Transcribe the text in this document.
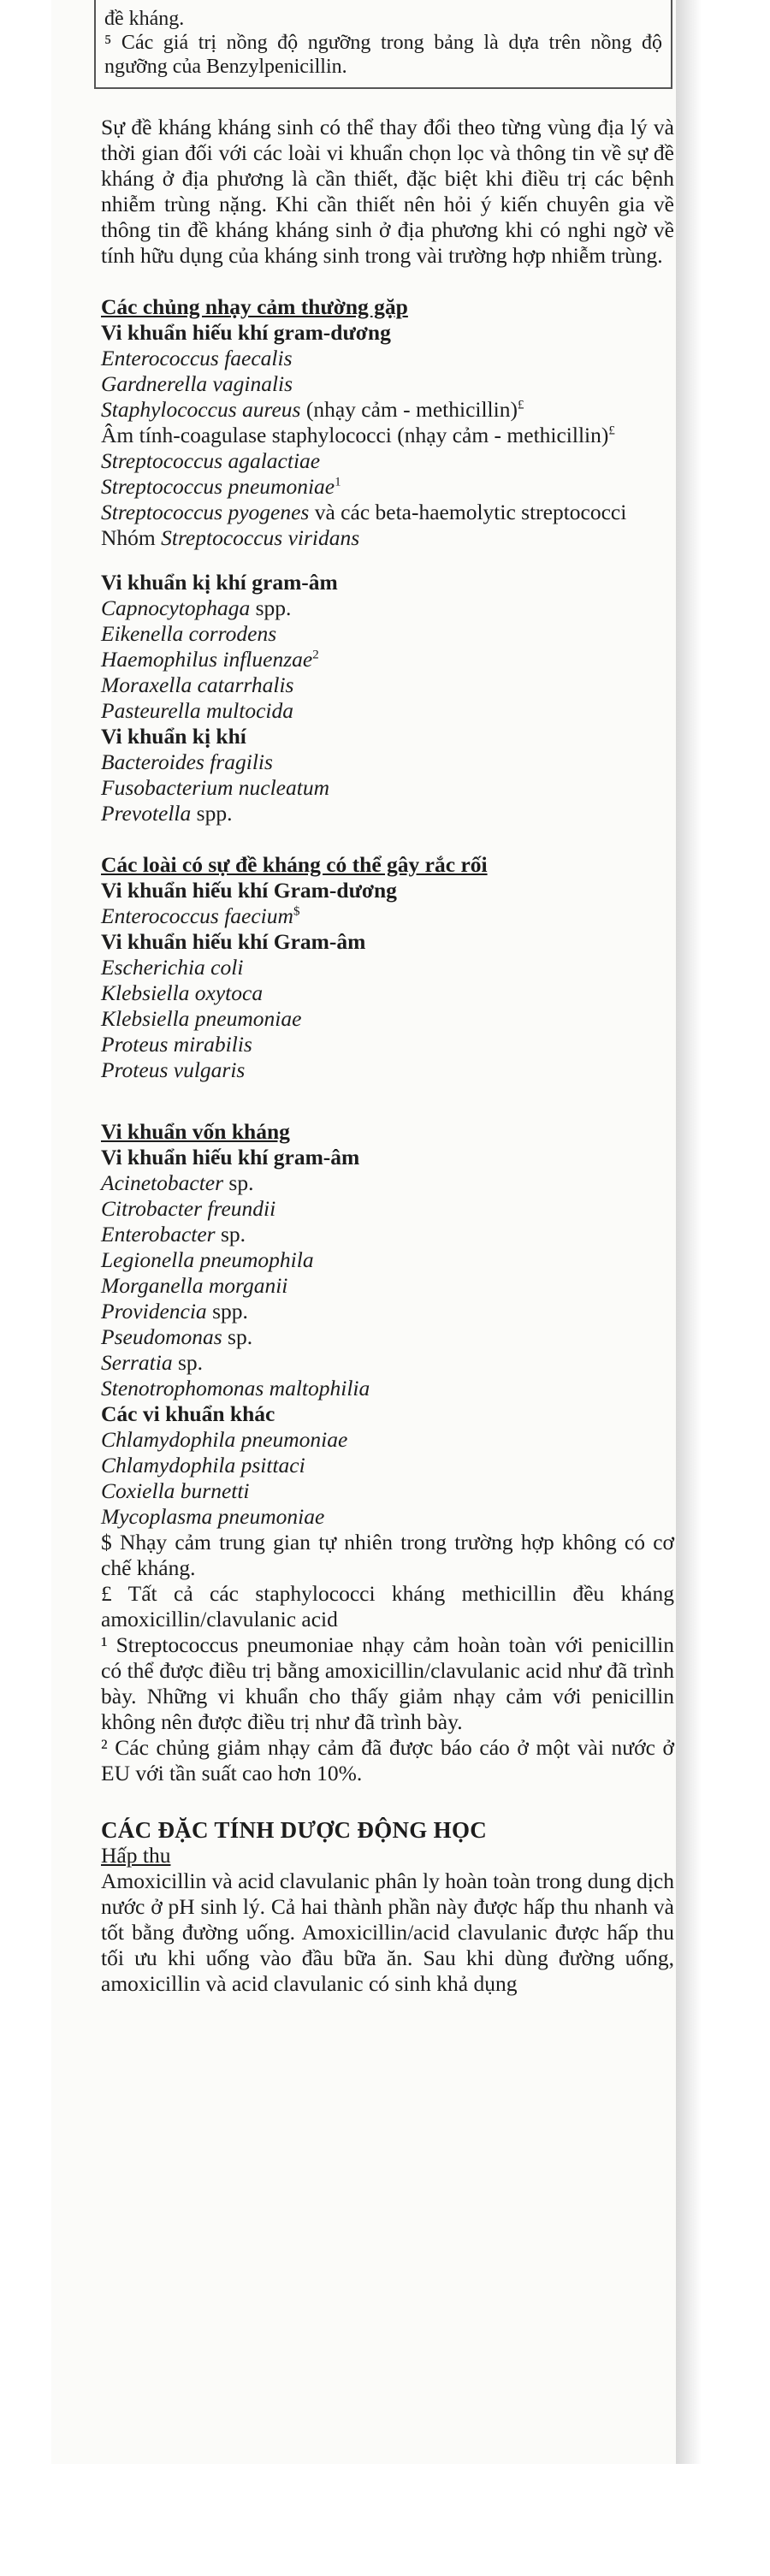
đề kháng.

⁵ Các giá trị nồng độ ngưỡng trong bảng là dựa trên nồng độ ngưỡng của Benzylpenicillin.

Sự đề kháng kháng sinh có thể thay đổi theo từng vùng địa lý và thời gian đối với các loài vi khuẩn chọn lọc và thông tin về sự đề kháng ở địa phương là cần thiết, đặc biệt khi điều trị các bệnh nhiễm trùng nặng. Khi cần thiết nên hỏi ý kiến chuyên gia về thông tin đề kháng kháng sinh ở địa phương khi có nghi ngờ về tính hữu dụng của kháng sinh trong vài trường hợp nhiễm trùng.

Các chủng nhạy cảm thường gặp

Vi khuẩn hiếu khí gram-dương

Enterococcus faecalis

Gardnerella vaginalis

Staphylococcus aureus (nhạy cảm - methicillin)£

Âm tính-coagulase staphylococci (nhạy cảm - methicillin)£

Streptococcus agalactiae

Streptococcus pneumoniae$^1$

Streptococcus pyogenes và các beta-haemolytic streptococci

Nhóm Streptococcus viridans

Vi khuẩn kị khí gram-âm

Capnocytophaga spp.

Eikenella corrodens

Haemophilus influenzae$^2$

Moraxella catarrhalis

Pasteurella multocida

Vi khuẩn kị khí

Bacteroides fragilis

Fusobacterium nucleatum

Prevotella spp.

Các loài có sự đề kháng có thể gây rắc rối

Vi khuẩn hiếu khí Gram-dương

Enterococcus faecium$

Vi khuẩn hiếu khí Gram-âm

Escherichia coli

Klebsiella oxytoca

Klebsiella pneumoniae

Proteus mirabilis

Proteus vulgaris

Vi khuẩn vốn kháng

Vi khuẩn hiếu khí gram-âm

Acinetobacter sp.

Citrobacter freundii

Enterobacter sp.

Legionella pneumophila

Morganella morganii

Providencia spp.

Pseudomonas sp.

Serratia sp.

Stenotrophomonas maltophilia

Các vi khuẩn khác

Chlamydophila pneumoniae

Chlamydophila psittaci

Coxiella burnetti

Mycoplasma pneumoniae

$ Nhạy cảm trung gian tự nhiên trong trường hợp không có cơ chế kháng.

£ Tất cả các staphylococci kháng methicillin đều kháng amoxicillin/clavulanic acid

¹ Streptococcus pneumoniae nhạy cảm hoàn toàn với penicillin có thể được điều trị bằng amoxicillin/clavulanic acid như đã trình bày. Những vi khuẩn cho thấy giảm nhạy cảm với penicillin không nên được điều trị như đã trình bày.

² Các chủng giảm nhạy cảm đã được báo cáo ở một vài nước ở EU với tần suất cao hơn 10%.

CÁC ĐẶC TÍNH DƯỢC ĐỘNG HỌC

Hấp thu

Amoxicillin và acid clavulanic phân ly hoàn toàn trong dung dịch nước ở pH sinh lý. Cả hai thành phần này được hấp thu nhanh và tốt bằng đường uống. Amoxicillin/acid clavulanic được hấp thu tối ưu khi uống vào đầu bữa ăn. Sau khi dùng đường uống, amoxicillin và acid clavulanic có sinh khả dụng
